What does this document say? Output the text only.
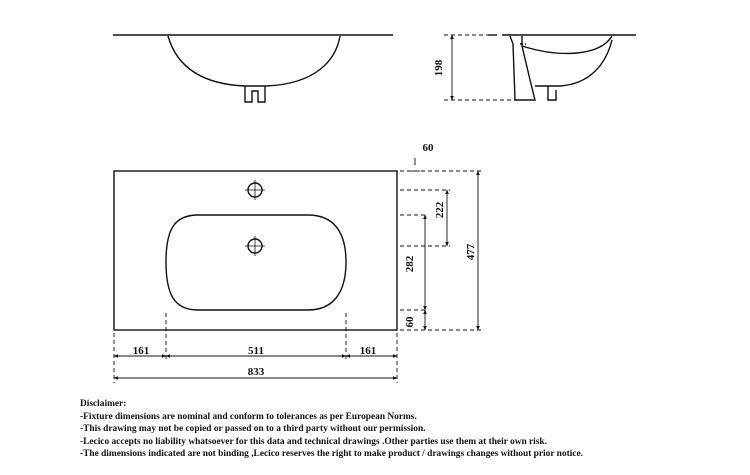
198
60
222
282
60
477
161	511	161
833
Disclaimer:
-Fixture dimensions are nominal and conform to tolerances as per European Norms.
-This drawing may not be copied or passed on to a third party without our permission.
-Lecico accepts no liability whatsoever for this data and technical drawings .Other parties use them at their own risk.
-The dimensions indicated are not binding ,Lecico reserves the right to make product / drawings changes without prior notice.
